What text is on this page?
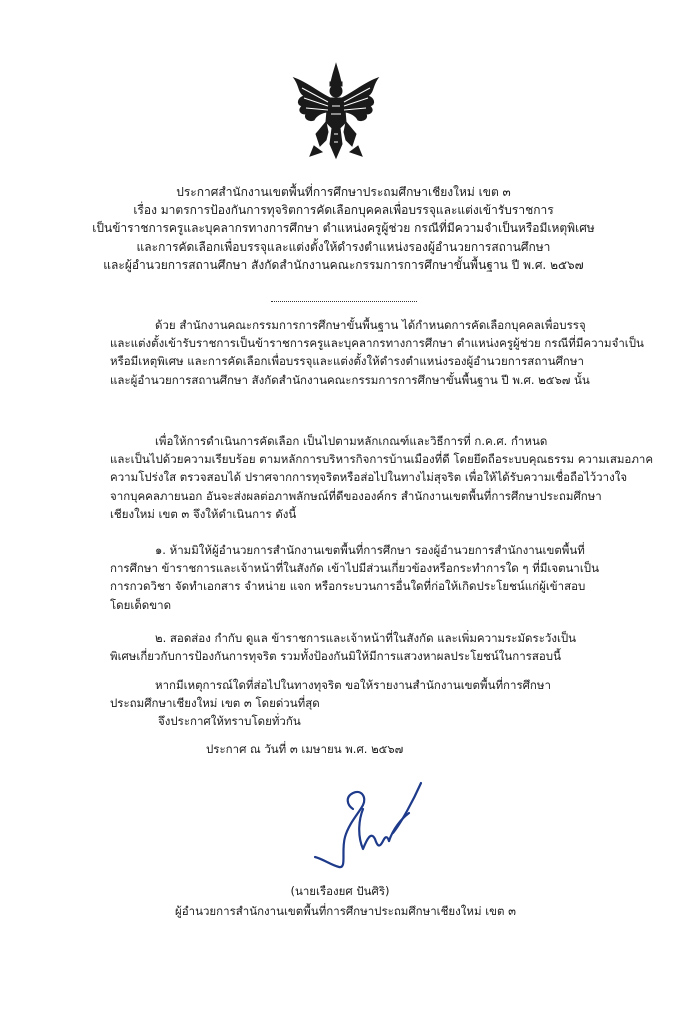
ประกาศสำนักงานเขตพื้นที่การศึกษาประถมศึกษาเชียงใหม่ เขต ๓
เรื่อง มาตรการป้องกันการทุจริตการคัดเลือกบุคคลเพื่อบรรจุและแต่งเข้ารับราชการ
เป็นข้าราชการครูและบุคลากรทางการศึกษา ตำแหน่งครูผู้ช่วย กรณีที่มีความจำเป็นหรือมีเหตุพิเศษ
และการคัดเลือกเพื่อบรรจุและแต่งตั้งให้ดำรงตำแหน่งรองผู้อำนวยการสถานศึกษา
และผู้อำนวยการสถานศึกษา สังกัดสำนักงานคณะกรรมการการศึกษาขั้นพื้นฐาน ปี พ.ศ. ๒๕๖๗
ด้วย สำนักงานคณะกรรมการการศึกษาขั้นพื้นฐาน ได้กำหนดการคัดเลือกบุคคลเพื่อบรรจุ
และแต่งตั้งเข้ารับราชการเป็นข้าราชการครูและบุคลากรทางการศึกษา ตำแหน่งครูผู้ช่วย กรณีที่มีความจำเป็น
หรือมีเหตุพิเศษ และการคัดเลือกเพื่อบรรจุและแต่งตั้งให้ดำรงตำแหน่งรองผู้อำนวยการสถานศึกษา
และผู้อำนวยการสถานศึกษา สังกัดสำนักงานคณะกรรมการการศึกษาขั้นพื้นฐาน ปี พ.ศ. ๒๕๖๗ นั้น
เพื่อให้การดำเนินการคัดเลือก เป็นไปตามหลักเกณฑ์และวิธีการที่ ก.ค.ศ. กำหนด
และเป็นไปด้วยความเรียบร้อย ตามหลักการบริหารกิจการบ้านเมืองที่ดี โดยยึดถือระบบคุณธรรม ความเสมอภาค
ความโปร่งใส ตรวจสอบได้ ปราศจากการทุจริตหรือส่อไปในทางไม่สุจริต เพื่อให้ได้รับความเชื่อถือไว้วางใจ
จากบุคคลภายนอก อันจะส่งผลต่อภาพลักษณ์ที่ดีขององค์กร สำนักงานเขตพื้นที่การศึกษาประถมศึกษา
เชียงใหม่ เขต ๓ จึงให้ดำเนินการ ดังนี้
๑. ห้ามมิให้ผู้อำนวยการสำนักงานเขตพื้นที่การศึกษา รองผู้อำนวยการสำนักงานเขตพื้นที่
การศึกษา ข้าราชการและเจ้าหน้าที่ในสังกัด เข้าไปมีส่วนเกี่ยวข้องหรือกระทำการใด ๆ ที่มีเจตนาเป็น
การกวดวิชา จัดทำเอกสาร จำหน่าย แจก หรือกระบวนการอื่นใดที่ก่อให้เกิดประโยชน์แก่ผู้เข้าสอบ
โดยเด็ดขาด
๒. สอดส่อง กำกับ ดูแล ข้าราชการและเจ้าหน้าที่ในสังกัด และเพิ่มความระมัดระวังเป็น
พิเศษเกี่ยวกับการป้องกันการทุจริต รวมทั้งป้องกันมิให้มีการแสวงหาผลประโยชน์ในการสอบนี้
หากมีเหตุการณ์ใดที่ส่อไปในทางทุจริต ขอให้รายงานสำนักงานเขตพื้นที่การศึกษา
ประถมศึกษาเชียงใหม่ เขต ๓ โดยด่วนที่สุด
จึงประกาศให้ทราบโดยทั่วกัน
ประกาศ ณ วันที่ ๓ เมษายน พ.ศ. ๒๕๖๗
(นายเรืองยศ ปันศิริ)
ผู้อำนวยการสำนักงานเขตพื้นที่การศึกษาประถมศึกษาเชียงใหม่ เขต ๓
